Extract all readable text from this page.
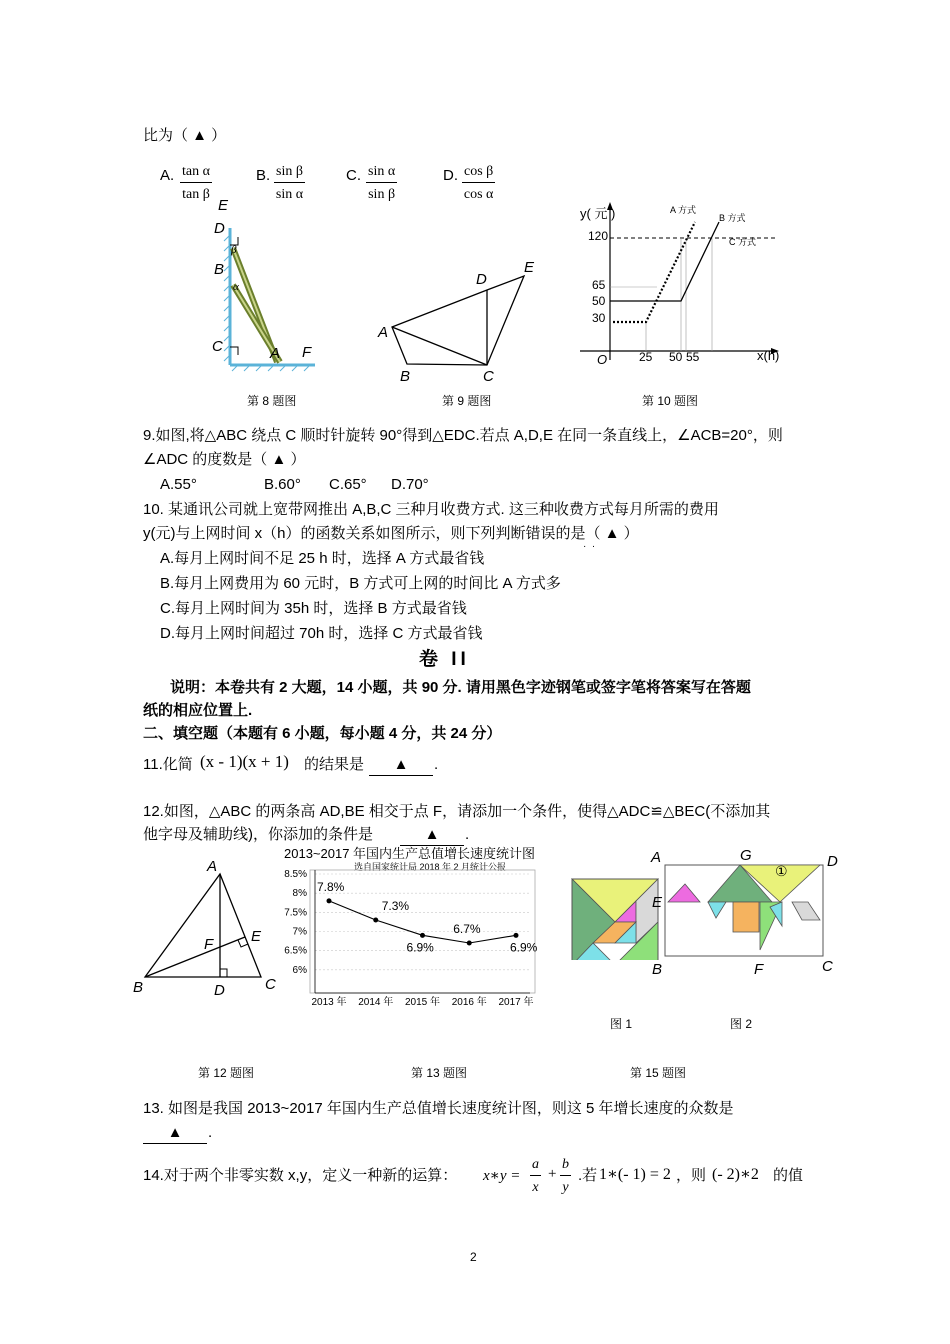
比为（ ▲ ）
A. $\frac{\text{tan α}}{\text{tan β}}$	B. $\frac{\text{sin β}}{\text{sin α}}$	C. $\frac{\text{sin α}}{\text{sin β}}$	D. $\frac{\text{cos β}}{\text{cos α}}$
E
D
B
C	A F
β
α
第 8 题图
D
E
A
B	C
第 9 题图
y( 元 )
120
65
50
30
O	25 50 55	x(h)
A 方式
B 方式
C 方式
第 10 题图
9.如图,将△ABC 绕点 C 顺时针旋转 90°得到△EDC.若点 A,D,E 在同一条直线上，∠ACB=20°，则
∠ADC 的度数是（ ▲ ）
A.55°	B.60° C.65° D.70°
10. 某通讯公司就上宽带网推出 A,B,C 三种月收费方式. 这三种收费方式每月所需的费用
y(元)与上网时间 x（h）的函数关系如图所示，则下列判断错误的是（ ▲ ）
·  ·
A.每月上网时间不足 25 h 时，选择 A 方式最省钱
B.每月上网费用为 60 元时，B 方式可上网的时间比 A 方式多
C.每月上网时间为 35h 时，选择 B 方式最省钱
D.每月上网时间超过 70h 时，选择 C 方式最省钱
卷 II
说明：本卷共有 2 大题，14 小题，共 90 分. 请用黑色字迹钢笔或签字笔将答案写在答题
纸的相应位置上.
二、填空题（本题有 6 小题，每小题 4 分，共 24 分）
11.化简 (x - 1)(x + 1) 的结果是	▲	.
12.如图，△ABC 的两条高 AD,BE 相交于点 F，请添加一个条件，使得△ADC≌△BEC(不添加其
他字母及辅助线)，你添加的条件是	▲	.
A
E
F
B	D	C
第 12 题图
2013~2017 年国内生产总值增长速度统计图
选自国家统计局 2018 年 2 月统计公报
8.5%
8%
7.5%
7%
6.5%
6%
7.8%
2013 年
7.3%
2014 年
6.9%
2015 年
6.7%
2016 年
6.9%
2017 年
第 13 题图
A	G	D
E
B	F	C
①
图 1	图 2
第 15 题图
13. 如图是我国 2013~2017 年国内生产总值增长速度统计图，则这 5 年增长速度的众数是
▲	.
14.对于两个非零实数 x,y，定义一种新的运算： x∗y = $\frac{a}{x} + \frac{b}{y}$ .若 1∗(- 1) = 2 ，则 (- 2)∗2 的值
2
